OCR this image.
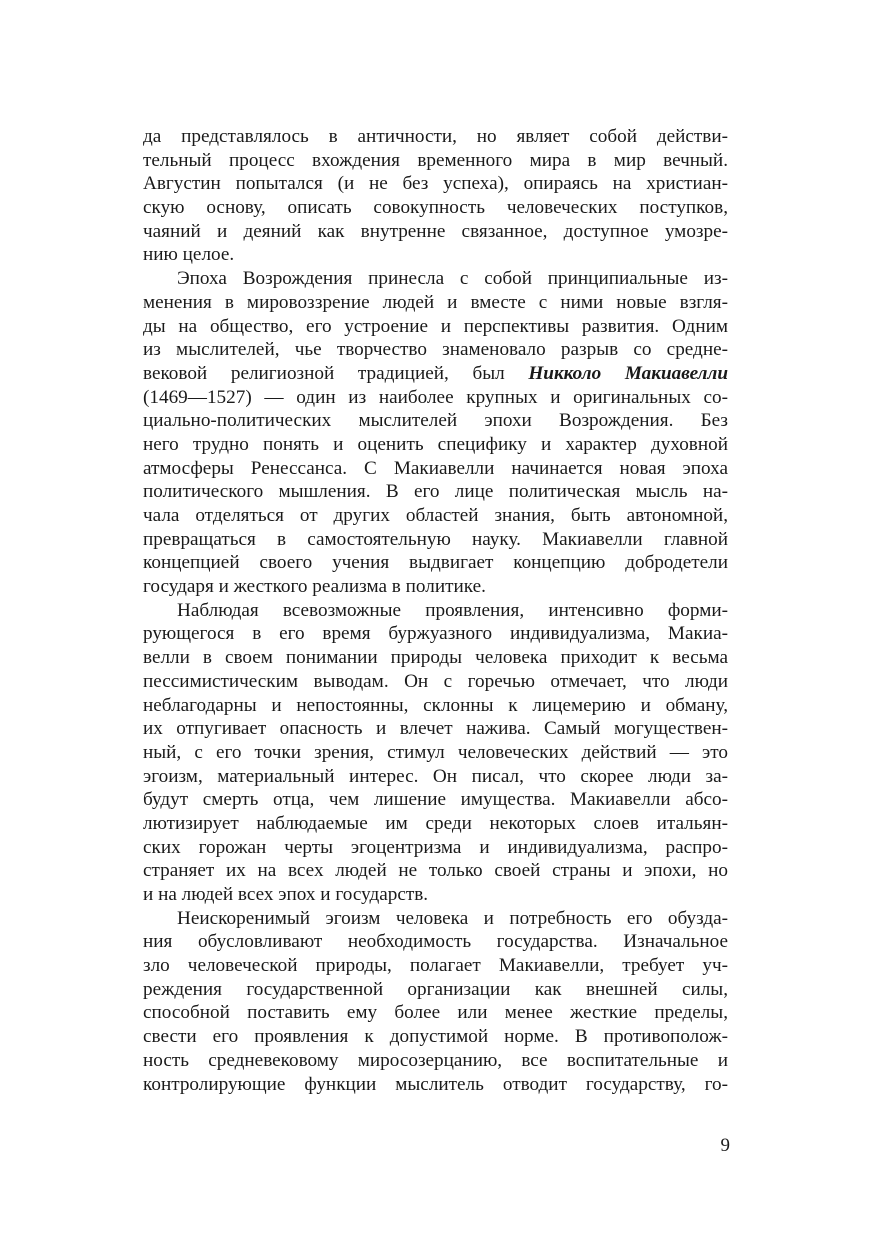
да представлялось в античности, но являет собой действи-
тельный процесс вхождения временного мира в мир вечный.
Августин попытался (и не без успеха), опираясь на христиан-
скую основу, описать совокупность человеческих поступков,
чаяний и деяний как внутренне связанное, доступное умозре-
нию целое.
Эпоха Возрождения принесла с собой принципиальные из-
менения в мировоззрение людей и вместе с ними новые взгля-
ды на общество, его устроение и перспективы развития. Одним
из мыслителей, чье творчество знаменовало разрыв со средне-
вековой религиозной традицией, был Никколо Макиавелли
(1469—1527) — один из наиболее крупных и оригинальных со-
циально-политических мыслителей эпохи Возрождения. Без
него трудно понять и оценить специфику и характер духовной
атмосферы Ренессанса. С Макиавелли начинается новая эпоха
политического мышления. В его лице политическая мысль на-
чала отделяться от других областей знания, быть автономной,
превращаться в самостоятельную науку. Макиавелли главной
концепцией своего учения выдвигает концепцию добродетели
государя и жесткого реализма в политике.
Наблюдая всевозможные проявления, интенсивно форми-
рующегося в его время буржуазного индивидуализма, Макиа-
велли в своем понимании природы человека приходит к весьма
пессимистическим выводам. Он с горечью отмечает, что люди
неблагодарны и непостоянны, склонны к лицемерию и обману,
их отпугивает опасность и влечет нажива. Самый могуществен-
ный, с его точки зрения, стимул человеческих действий — это
эгоизм, материальный интерес. Он писал, что скорее люди за-
будут смерть отца, чем лишение имущества. Макиавелли абсо-
лютизирует наблюдаемые им среди некоторых слоев итальян-
ских горожан черты эгоцентризма и индивидуализма, распро-
страняет их на всех людей не только своей страны и эпохи, но
и на людей всех эпох и государств.
Неискоренимый эгоизм человека и потребность его обузда-
ния обусловливают необходимость государства. Изначальное
зло человеческой природы, полагает Макиавелли, требует уч-
реждения государственной организации как внешней силы,
способной поставить ему более или менее жесткие пределы,
свести его проявления к допустимой норме. В противополож-
ность средневековому миросозерцанию, все воспитательные и
контролирующие функции мыслитель отводит государству, го-
9
